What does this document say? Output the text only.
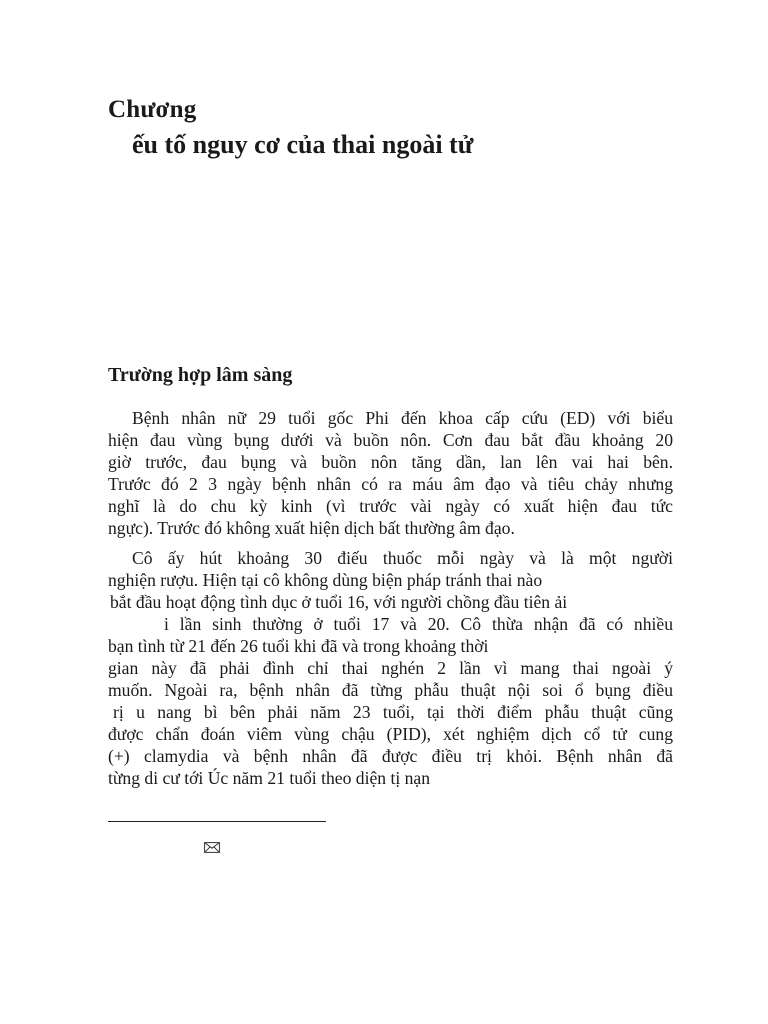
Chương
ếu tố nguy cơ của thai ngoài tử
Trường hợp lâm sàng
Bệnh nhân nữ 29 tuổi gốc Phi đến khoa cấp cứu (ED) với biểu
hiện đau vùng bụng dưới và buồn nôn. Cơn đau bắt đầu khoảng 20
giờ trước, đau bụng và buồn nôn tăng dần, lan lên vai hai bên.
Trước đó 2 3 ngày bệnh nhân có ra máu âm đạo và tiêu chảy nhưng
nghĩ là do chu kỳ kinh (vì trước vài ngày có xuất hiện đau tức
ngực). Trước đó không xuất hiện dịch bất thường âm đạo.
Cô ấy hút khoảng 30 điếu thuốc mỗi ngày và là một người
nghiện rượu. Hiện tại cô không dùng biện pháp tránh thai nào
bắt đầu hoạt động tình dục ở tuổi 16, với người chồng đầu tiên ải
i lần sinh thường ở tuổi 17 và 20. Cô thừa nhận đã có nhiều
bạn tình từ 21 đến 26 tuổi khi đã và trong khoảng thời
gian này đã phải đình chỉ thai nghén 2 lần vì mang thai ngoài ý
muốn. Ngoài ra, bệnh nhân đã từng phẫu thuật nội soi ổ bụng điều
rị u nang bì bên phải năm 23 tuổi, tại thời điểm phẫu thuật cũng
được chẩn đoán viêm vùng chậu (PID), xét nghiệm dịch cổ tử cung
(+) clamydia và bệnh nhân đã được điều trị khỏi. Bệnh nhân đã
từng di cư tới Úc năm 21 tuổi theo diện tị nạn
